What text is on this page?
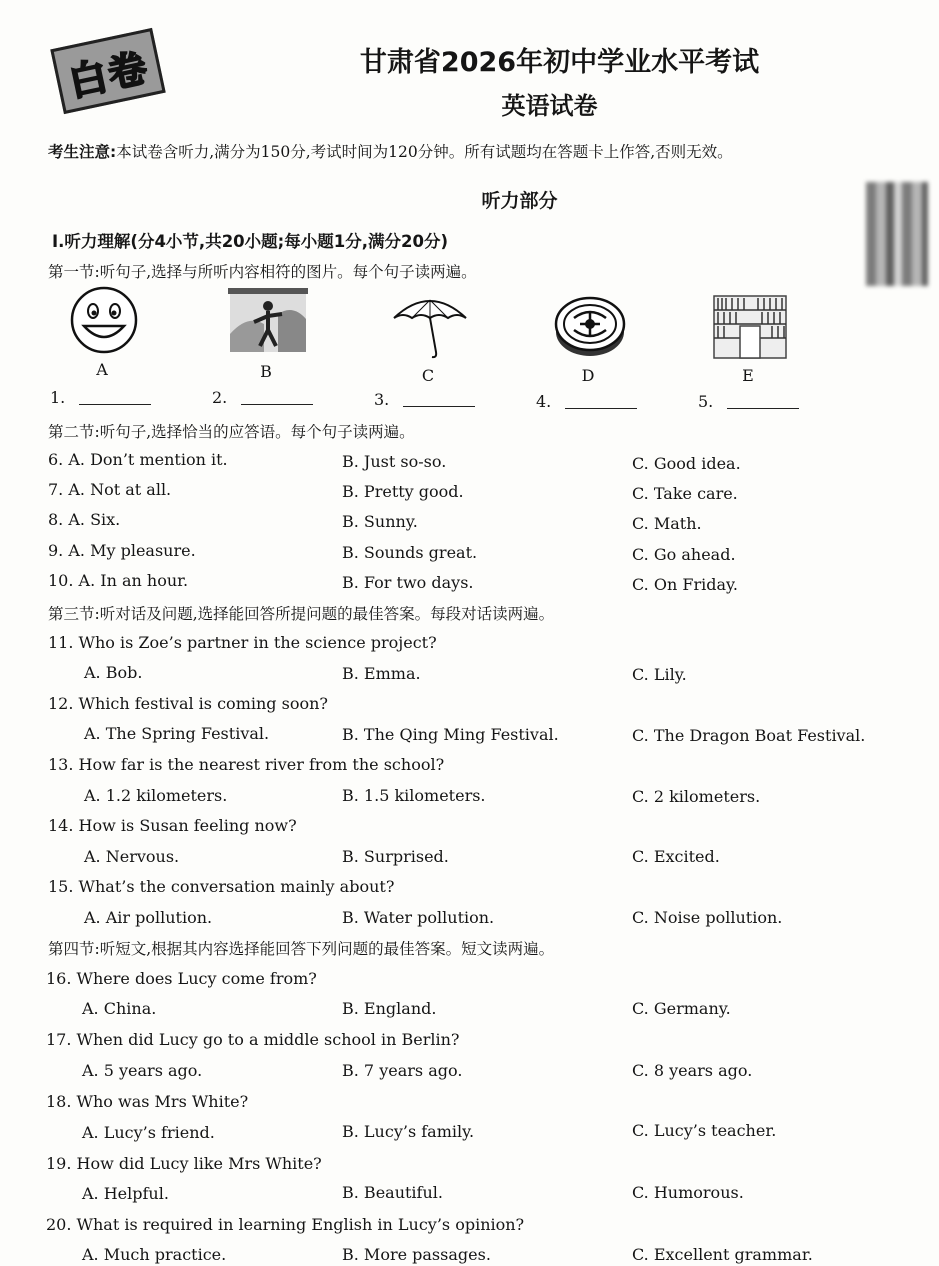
白卷	甘肃省2026年初中学业水平考试
英语试卷
考生注意:本试卷含听力,满分为150分,考试时间为120分钟。所有试题均在答题卡上作答,否则无效。
听力部分
Ⅰ.听力理解(分4小节,共20小题;每小题1分,满分20分)
第一节:听句子,选择与所听内容相符的图片。每个句子读两遍。
A	B	C	D	E
1.	2.	3.	4.	5.
第二节:听句子,选择恰当的应答语。每个句子读两遍。
6. A. Don’t mention it.	B. Just so-so.	C. Good idea.
7. A. Not at all.	B. Pretty good.	C. Take care.
8. A. Six.	B. Sunny.	C. Math.
9. A. My pleasure.	B. Sounds great.	C. Go ahead.
10. A. In an hour.	B. For two days.	C. On Friday.
第三节:听对话及问题,选择能回答所提问题的最佳答案。每段对话读两遍。
11. Who is Zoe’s partner in the science project?
A. Bob.	B. Emma.	C. Lily.
12. Which festival is coming soon?
A. The Spring Festival.	B. The Qing Ming Festival.	C. The Dragon Boat Festival.
13. How far is the nearest river from the school?
A. 1.2 kilometers.	B. 1.5 kilometers.	C. 2 kilometers.
14. How is Susan feeling now?
A. Nervous.	B. Surprised.	C. Excited.
15. What’s the conversation mainly about?
A. Air pollution.	B. Water pollution.	C. Noise pollution.
第四节:听短文,根据其内容选择能回答下列问题的最佳答案。短文读两遍。
16. Where does Lucy come from?
A. China.	B. England.	C. Germany.
17. When did Lucy go to a middle school in Berlin?
A. 5 years ago.	B. 7 years ago.	C. 8 years ago.
18. Who was Mrs White?
A. Lucy’s friend.	B. Lucy’s family.	C. Lucy’s teacher.
19. How did Lucy like Mrs White?
A. Helpful.	B. Beautiful.	C. Humorous.
20. What is required in learning English in Lucy’s opinion?
A. Much practice.	B. More passages.	C. Excellent grammar.
